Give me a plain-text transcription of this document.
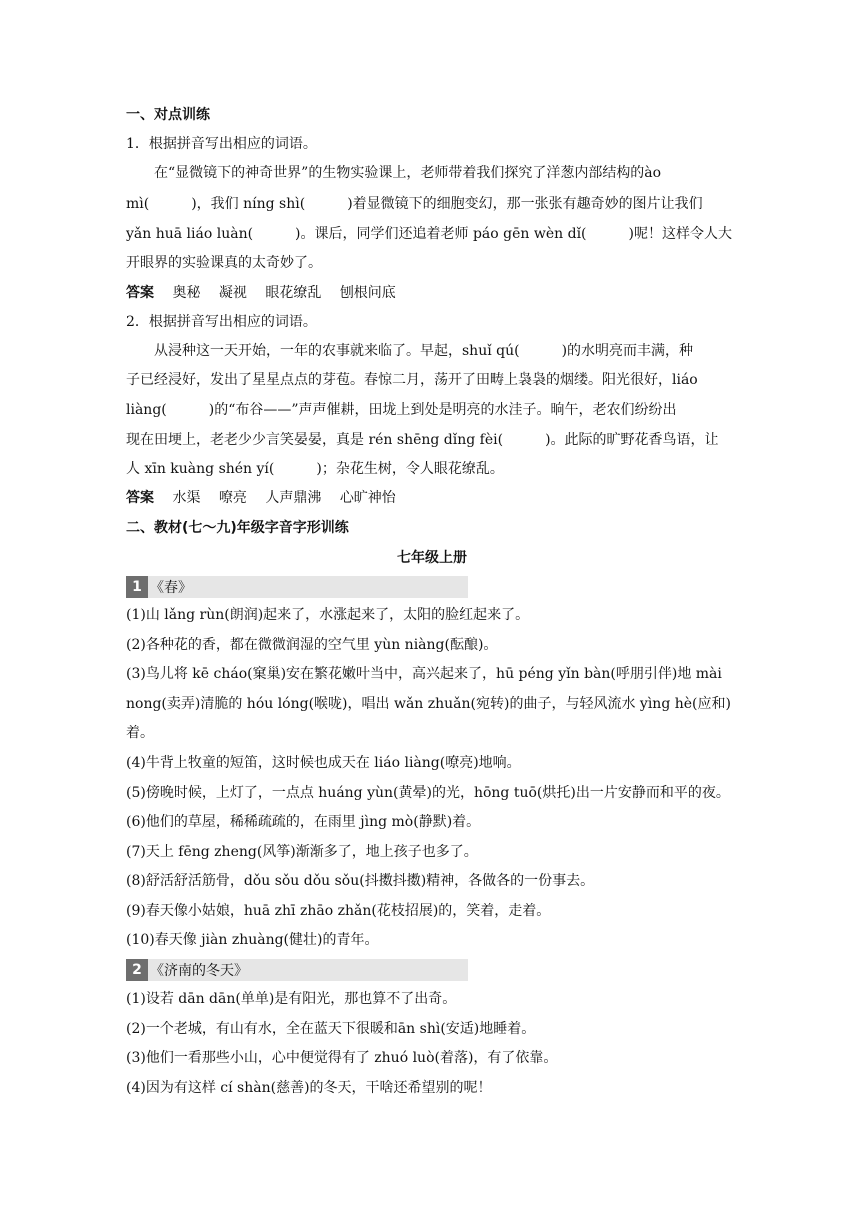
一、对点训练
1．根据拼音写出相应的词语。
在“显微镜下的神奇世界”的生物实验课上，老师带着我们探究了洋葱内部结构的ào
mì(　　　)，我们 níng shì(　　　)着显微镜下的细胞变幻，那一张张有趣奇妙的图片让我们
yǎn huā liáo luàn(　　　)。课后，同学们还追着老师 páo gēn wèn dǐ(　　　)呢！这样令人大
开眼界的实验课真的太奇妙了。
答案 奥秘 凝视 眼花缭乱 刨根问底
2．根据拼音写出相应的词语。
从浸种这一天开始，一年的农事就来临了。早起，shuǐ qú(　　　)的水明亮而丰满，种
子已经浸好，发出了星星点点的芽苞。春惊二月，荡开了田畴上袅袅的烟缕。阳光很好，liáo
liàng(　　　)的“布谷——”声声催耕，田垅上到处是明亮的水洼子。晌午，老农们纷纷出
现在田埂上，老老少少言笑晏晏，真是 rén shēng dǐng fèi(　　　)。此际的旷野花香鸟语，让
人 xīn kuàng shén yí(　　　)；杂花生树，令人眼花缭乱。
答案 水渠 嘹亮 人声鼎沸 心旷神怡
二、教材(七～九)年级字音字形训练
七年级上册
1 《春》
(1)山 lǎng rùn(朗润)起来了，水涨起来了，太阳的脸红起来了。
(2)各种花的香，都在微微润湿的空气里 yùn niàng(酝酿)。
(3)鸟儿将 kē cháo(窠巢)安在繁花嫩叶当中，高兴起来了，hū péng yǐn bàn(呼朋引伴)地 mài
nong(卖弄)清脆的 hóu lóng(喉咙)，唱出 wǎn zhuǎn(宛转)的曲子，与轻风流水 yìng hè(应和)
着。
(4)牛背上牧童的短笛，这时候也成天在 liáo liàng(嘹亮)地响。
(5)傍晚时候，上灯了，一点点 huáng yùn(黄晕)的光，hōng tuō(烘托)出一片安静而和平的夜。
(6)他们的草屋，稀稀疏疏的，在雨里 jìng mò(静默)着。
(7)天上 fēng zheng(风筝)渐渐多了，地上孩子也多了。
(8)舒活舒活筋骨，dǒu sǒu dǒu sǒu(抖擞抖擞)精神，各做各的一份事去。
(9)春天像小姑娘，huā zhī zhāo zhǎn(花枝招展)的，笑着，走着。
(10)春天像 jiàn zhuàng(健壮)的青年。
2 《济南的冬天》
(1)设若 dān dān(单单)是有阳光，那也算不了出奇。
(2)一个老城，有山有水，全在蓝天下很暖和ān shì(安适)地睡着。
(3)他们一看那些小山，心中便觉得有了 zhuó luò(着落)，有了依靠。
(4)因为有这样 cí shàn(慈善)的冬天，干啥还希望别的呢！
